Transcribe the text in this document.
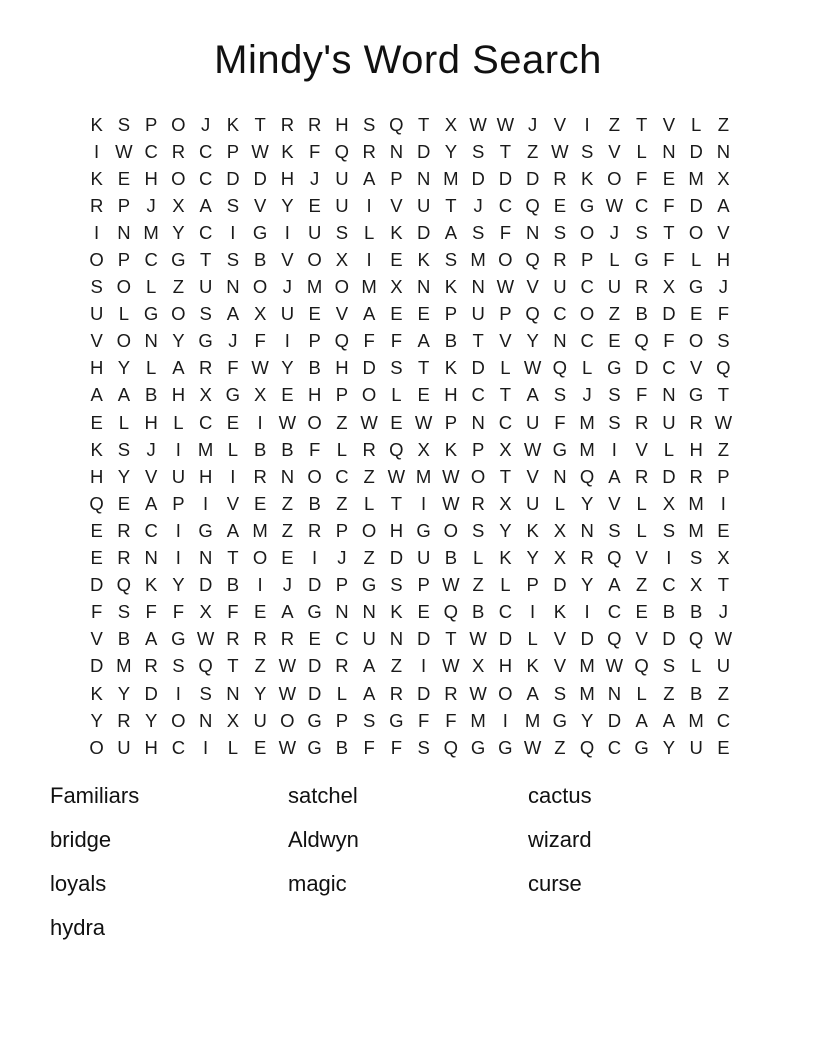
Mindy's Word Search
K S P O J K T R R H S Q T X W W J V	I	Z T V L Z
I W C R C P W K F Q R N D Y S T Z W S V L N D N
K E H O C D D H J U A P N M D D D R K O F E M X
R P J X A S V Y E U I	V U T J C Q E G W C F D A
I N M Y C I G I U S L K D A S F N S O J S T O V
O P C G T S B V O X	I	E K S M O Q R P L G F L H
S O L Z U N O J M O M X N K N W V U C U R X G J
U L G O S A X U E V A E E P U P Q C O Z B D E F
V O N Y G J F	I	P Q F F A B T V Y N C E Q F O S
H Y L A R F W Y B H D S T K D L W Q L G D C V Q
A A B H X G X E H P O L E H C T A S J S F N G T
E L H L C E	I W O Z W E W P N C U F M S R U R W
K S J	I M L B B F L R Q X K P X W G M I	V L H Z
H Y V U H I R N O C Z W M W O T V N Q A R D R P
Q E A P	I	V E Z B Z L T	I W R X U L Y V L X M I
E R C I G A M Z R P O H G O S Y K X N S L S M E
E R N I N T O E	I	J Z D U B L K Y X R Q V	I	S X
D Q K Y D B	I	J D P G S P W Z L P D Y A Z C X T
F S F F X F E A G N N K E Q B C I	K	I C E B B J
V B A G W R R R E C U N D T W D L V D Q V D Q W
D M R S Q T Z W D R A Z	I W X H K V M W Q S L U
K Y D I	S N Y W D L A R D R W O A S M N L Z B Z
Y R Y O N X U O G P S G F F M I M G Y D A A M C
O U H C I	L E W G B F F S Q G G W Z Q C G Y U E
Familiars
bridge
loyals
hydra
satchel
Aldwyn
magic
cactus
wizard
curse
